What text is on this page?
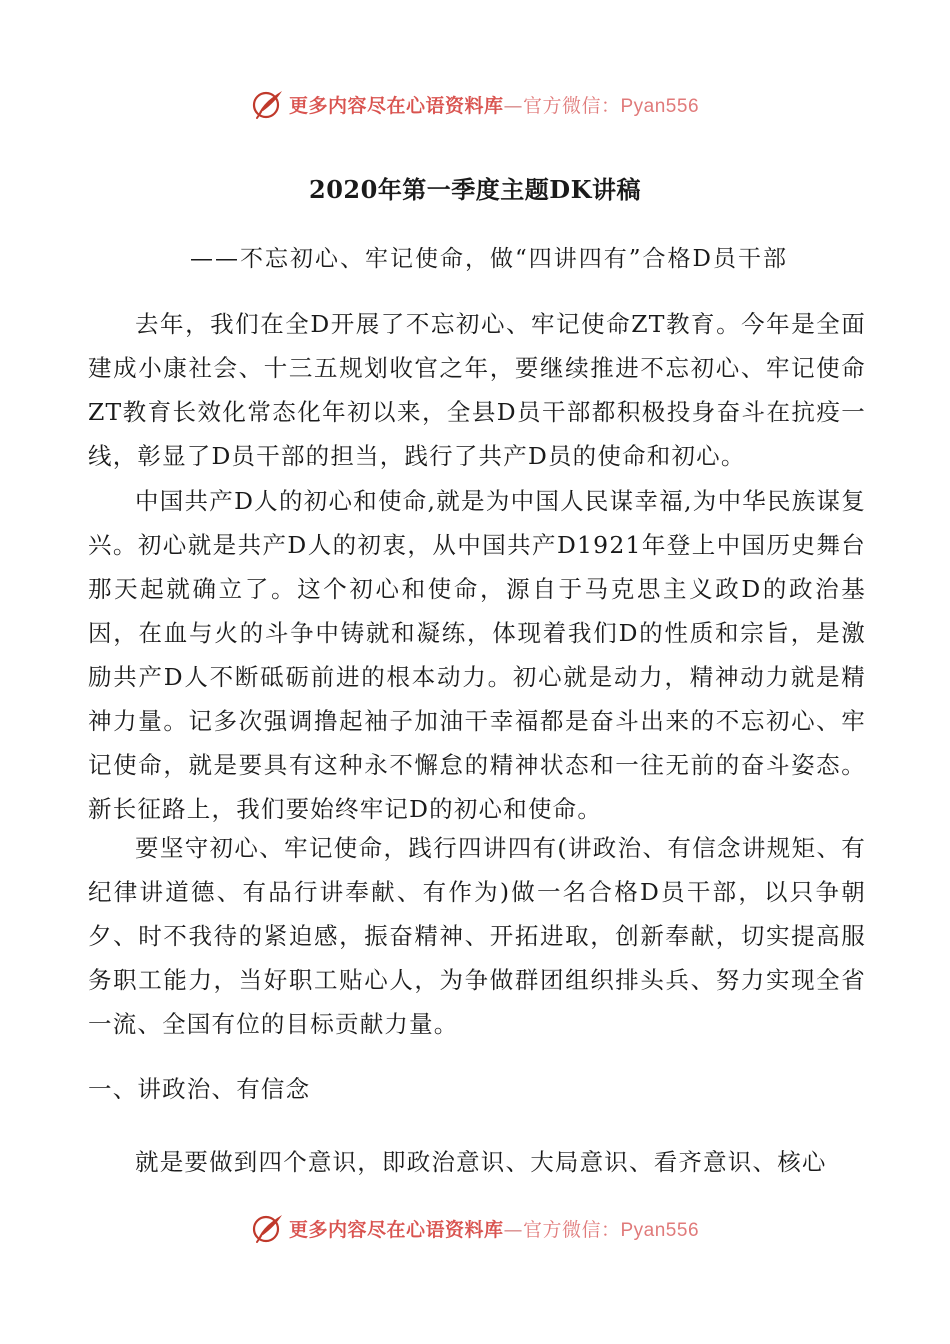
更多内容尽在心语资料库—官方微信：Pyan556
2020年第一季度主题DK讲稿
——不忘初心、牢记使命，做“四讲四有”合格D员干部

去年，我们在全D开展了不忘初心、牢记使命ZT教育。今年是全面建成小康社会、十三五规划收官之年，要继续推进不忘初心、牢记使命ZT教育长效化常态化年初以来，全县D员干部都积极投身奋斗在抗疫一线，彰显了D员干部的担当，践行了共产D员的使命和初心。

中国共产D人的初心和使命,就是为中国人民谋幸福,为中华民族谋复兴。初心就是共产D人的初衷，从中国共产D1921年登上中国历史舞台那天起就确立了。这个初心和使命，源自于马克思主义政D的政治基因，在血与火的斗争中铸就和凝练，体现着我们D的性质和宗旨，是激励共产D人不断砥砺前进的根本动力。初心就是动力，精神动力就是精神力量。记多次强调撸起袖子加油干幸福都是奋斗出来的不忘初心、牢记使命，就是要具有这种永不懈怠的精神状态和一往无前的奋斗姿态。新长征路上，我们要始终牢记D的初心和使命。

要坚守初心、牢记使命，践行四讲四有(讲政治、有信念讲规矩、有纪律讲道德、有品行讲奉献、有作为)做一名合格D员干部，以只争朝夕、时不我待的紧迫感，振奋精神、开拓进取，创新奉献，切实提高服务职工能力，当好职工贴心人，为争做群团组织排头兵、努力实现全省一流、全国有位的目标贡献力量。

一、讲政治、有信念

就是要做到四个意识，即政治意识、大局意识、看齐意识、核心

更多内容尽在心语资料库—官方微信：Pyan556
